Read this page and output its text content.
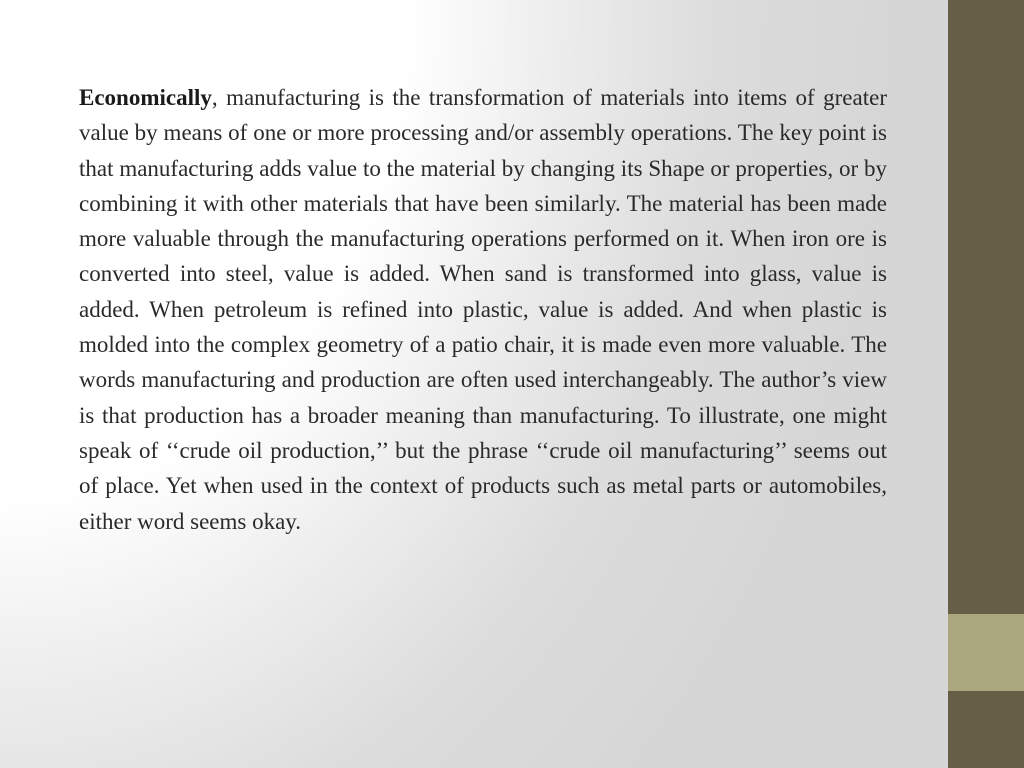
Economically, manufacturing is the transformation of materials into items of greater value by means of one or more processing and/or assembly operations. The key point is that manufacturing adds value to the material by changing its Shape or properties, or by combining it with other materials that have been similarly. The material has been made more valuable through the manufacturing operations performed on it. When iron ore is converted into steel, value is added. When sand is transformed into glass, value is added. When petroleum is refined into plastic, value is added. And when plastic is molded into the complex geometry of a patio chair, it is made even more valuable. The words manufacturing and production are often used interchangeably. The author’s view is that production has a broader meaning than manufacturing. To illustrate, one might speak of ‘‘crude oil production,’’ but the phrase ‘‘crude oil manufacturing’’ seems out of place. Yet when used in the context of products such as metal parts or automobiles, either word seems okay.
